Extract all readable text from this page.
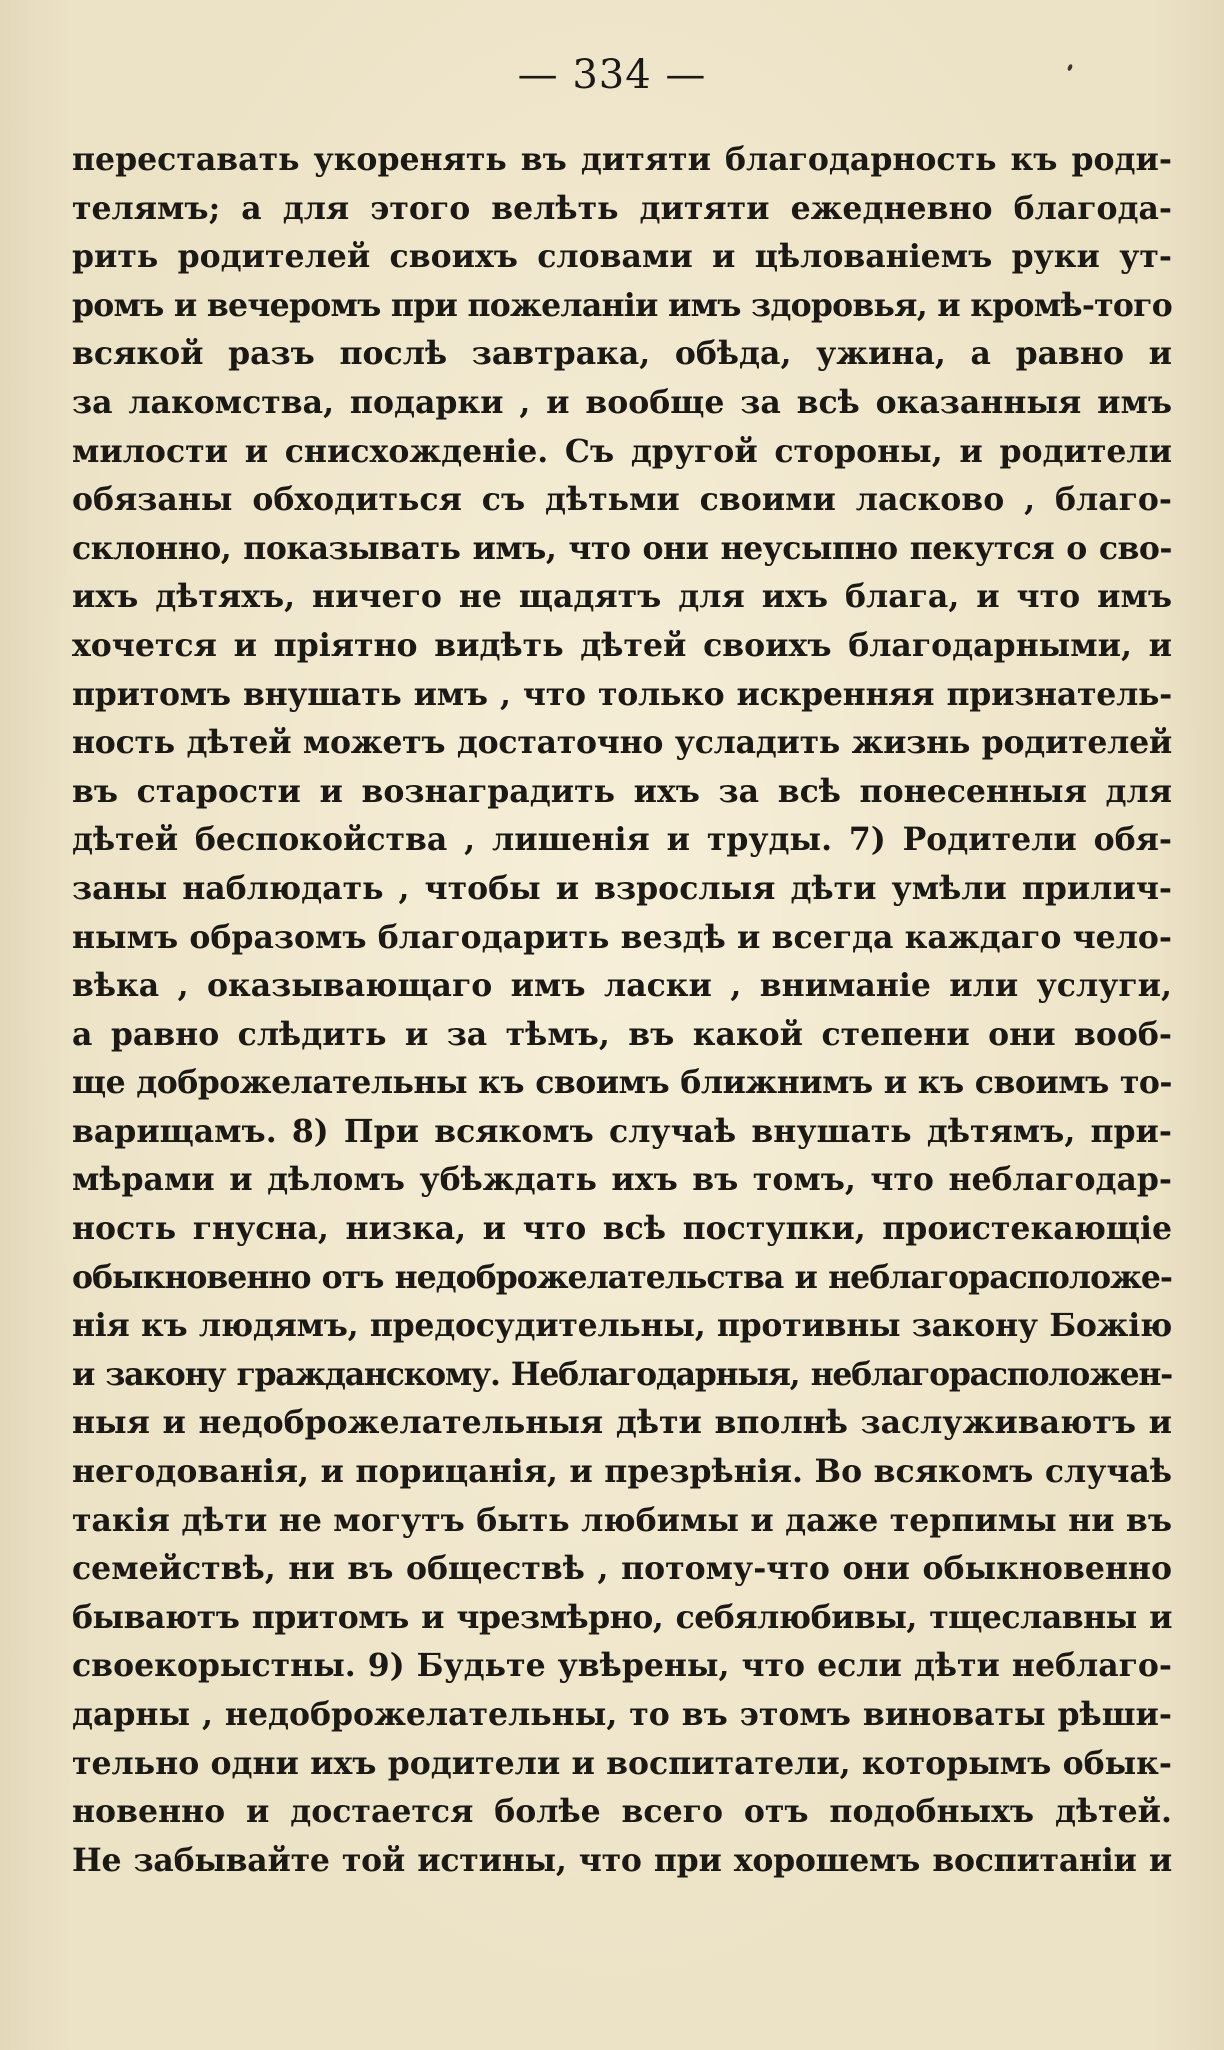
— 334 —
переставать укоренять въ дитяти благодарность къ роди-
телямъ; а для этого велѣть дитяти ежедневно благода-
рить родителей своихъ словами и цѣлованіемъ руки ут-
ромъ и вечеромъ при пожеланіи имъ здоровья, и кромѣ-того
всякой разъ послѣ завтрака, обѣда, ужина, а равно и
за лакомства, подарки , и вообще за всѣ оказанныя имъ
милости и снисхожденіе. Съ другой стороны, и родители
обязаны обходиться съ дѣтьми своими ласково , благо-
склонно, показывать имъ, что они неусыпно пекутся о сво-
ихъ дѣтяхъ, ничего не щадятъ для ихъ блага, и что имъ
хочется и пріятно видѣть дѣтей своихъ благодарными, и
притомъ внушать имъ , что только искренняя признатель-
ность дѣтей можетъ достаточно усладить жизнь родителей
въ старости и вознаградить ихъ за всѣ понесенныя для
дѣтей беспокойства , лишенія и труды. 7) Родители обя-
заны наблюдать , чтобы и взрослыя дѣти умѣли прилич-
нымъ образомъ благодарить вездѣ и всегда каждаго чело-
вѣка , оказывающаго имъ ласки , вниманіе или услуги,
а равно слѣдить и за тѣмъ, въ какой степени они вооб-
ще доброжелательны къ своимъ ближнимъ и къ своимъ то-
варищамъ. 8) При всякомъ случаѣ внушать дѣтямъ, при-
мѣрами и дѣломъ убѣждать ихъ въ томъ, что неблагодар-
ность гнусна, низка, и что всѣ поступки, проистекающіе
обыкновенно отъ недоброжелательства и неблагорасположе-
нія къ людямъ, предосудительны, противны закону Божію
и закону гражданскому. Неблагодарныя, неблагорасположен-
ныя и недоброжелательныя дѣти вполнѣ заслуживаютъ и
негодованія, и порицанія, и презрѣнія. Во всякомъ случаѣ
такія дѣти не могутъ быть любимы и даже терпимы ни въ
семействѣ, ни въ обществѣ , потому-что они обыкновенно
бываютъ притомъ и чрезмѣрно, себялюбивы, тщеславны и
своекорыстны. 9) Будьте увѣрены, что если дѣти неблаго-
дарны , недоброжелательны, то въ этомъ виноваты рѣши-
тельно одни ихъ родители и воспитатели, которымъ обык-
новенно и достается болѣе всего отъ подобныхъ дѣтей.
Не забывайте той истины, что при хорошемъ воспитаніи и
